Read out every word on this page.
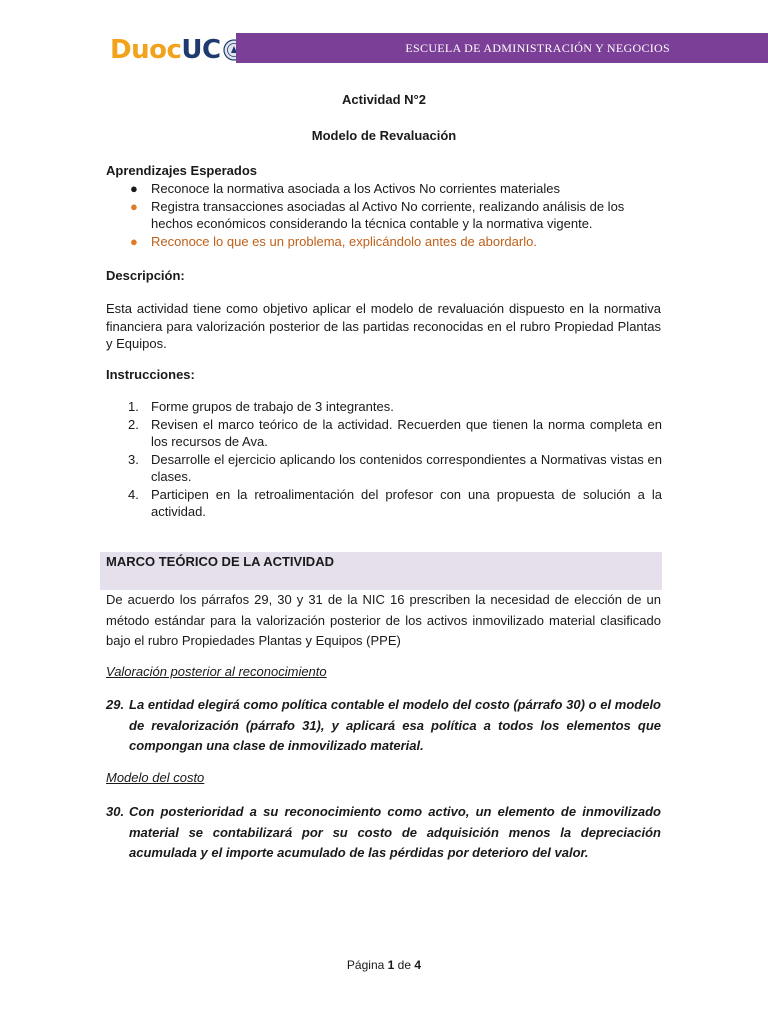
Duoc UC	ESCUELA DE ADMINISTRACIÓN Y NEGOCIOS
Actividad N°2
Modelo de Revaluación
Aprendizajes Esperados
● Reconoce la normativa asociada a los Activos No corrientes materiales
● Registra transacciones asociadas al Activo No corriente, realizando análisis de los hechos económicos considerando la técnica contable y la normativa vigente.
● Reconoce lo que es un problema, explicándolo antes de abordarlo.
Descripción:
Esta actividad tiene como objetivo aplicar el modelo de revaluación dispuesto en la normativa financiera para valorización posterior de las partidas reconocidas en el rubro Propiedad Plantas y Equipos.
Instrucciones:
1. Forme grupos de trabajo de 3 integrantes.
2. Revisen el marco teórico de la actividad. Recuerden que tienen la norma completa en los recursos de Ava.
3. Desarrolle el ejercicio aplicando los contenidos correspondientes a Normativas vistas en clases.
4. Participen en la retroalimentación del profesor con una propuesta de solución a la actividad.
MARCO TEÓRICO DE LA ACTIVIDAD
De acuerdo los párrafos 29, 30 y 31 de la NIC 16 prescriben la necesidad de elección de un método estándar para la valorización posterior de los activos inmovilizado material clasificado bajo el rubro Propiedades Plantas y Equipos (PPE)
Valoración posterior al reconocimiento
29. La entidad elegirá como política contable el modelo del costo (párrafo 30) o el modelo de revalorización (párrafo 31), y aplicará esa política a todos los elementos que compongan una clase de inmovilizado material.
Modelo del costo
30. Con posterioridad a su reconocimiento como activo, un elemento de inmovilizado material se contabilizará por su costo de adquisición menos la depreciación acumulada y el importe acumulado de las pérdidas por deterioro del valor.
Página 1 de 4
